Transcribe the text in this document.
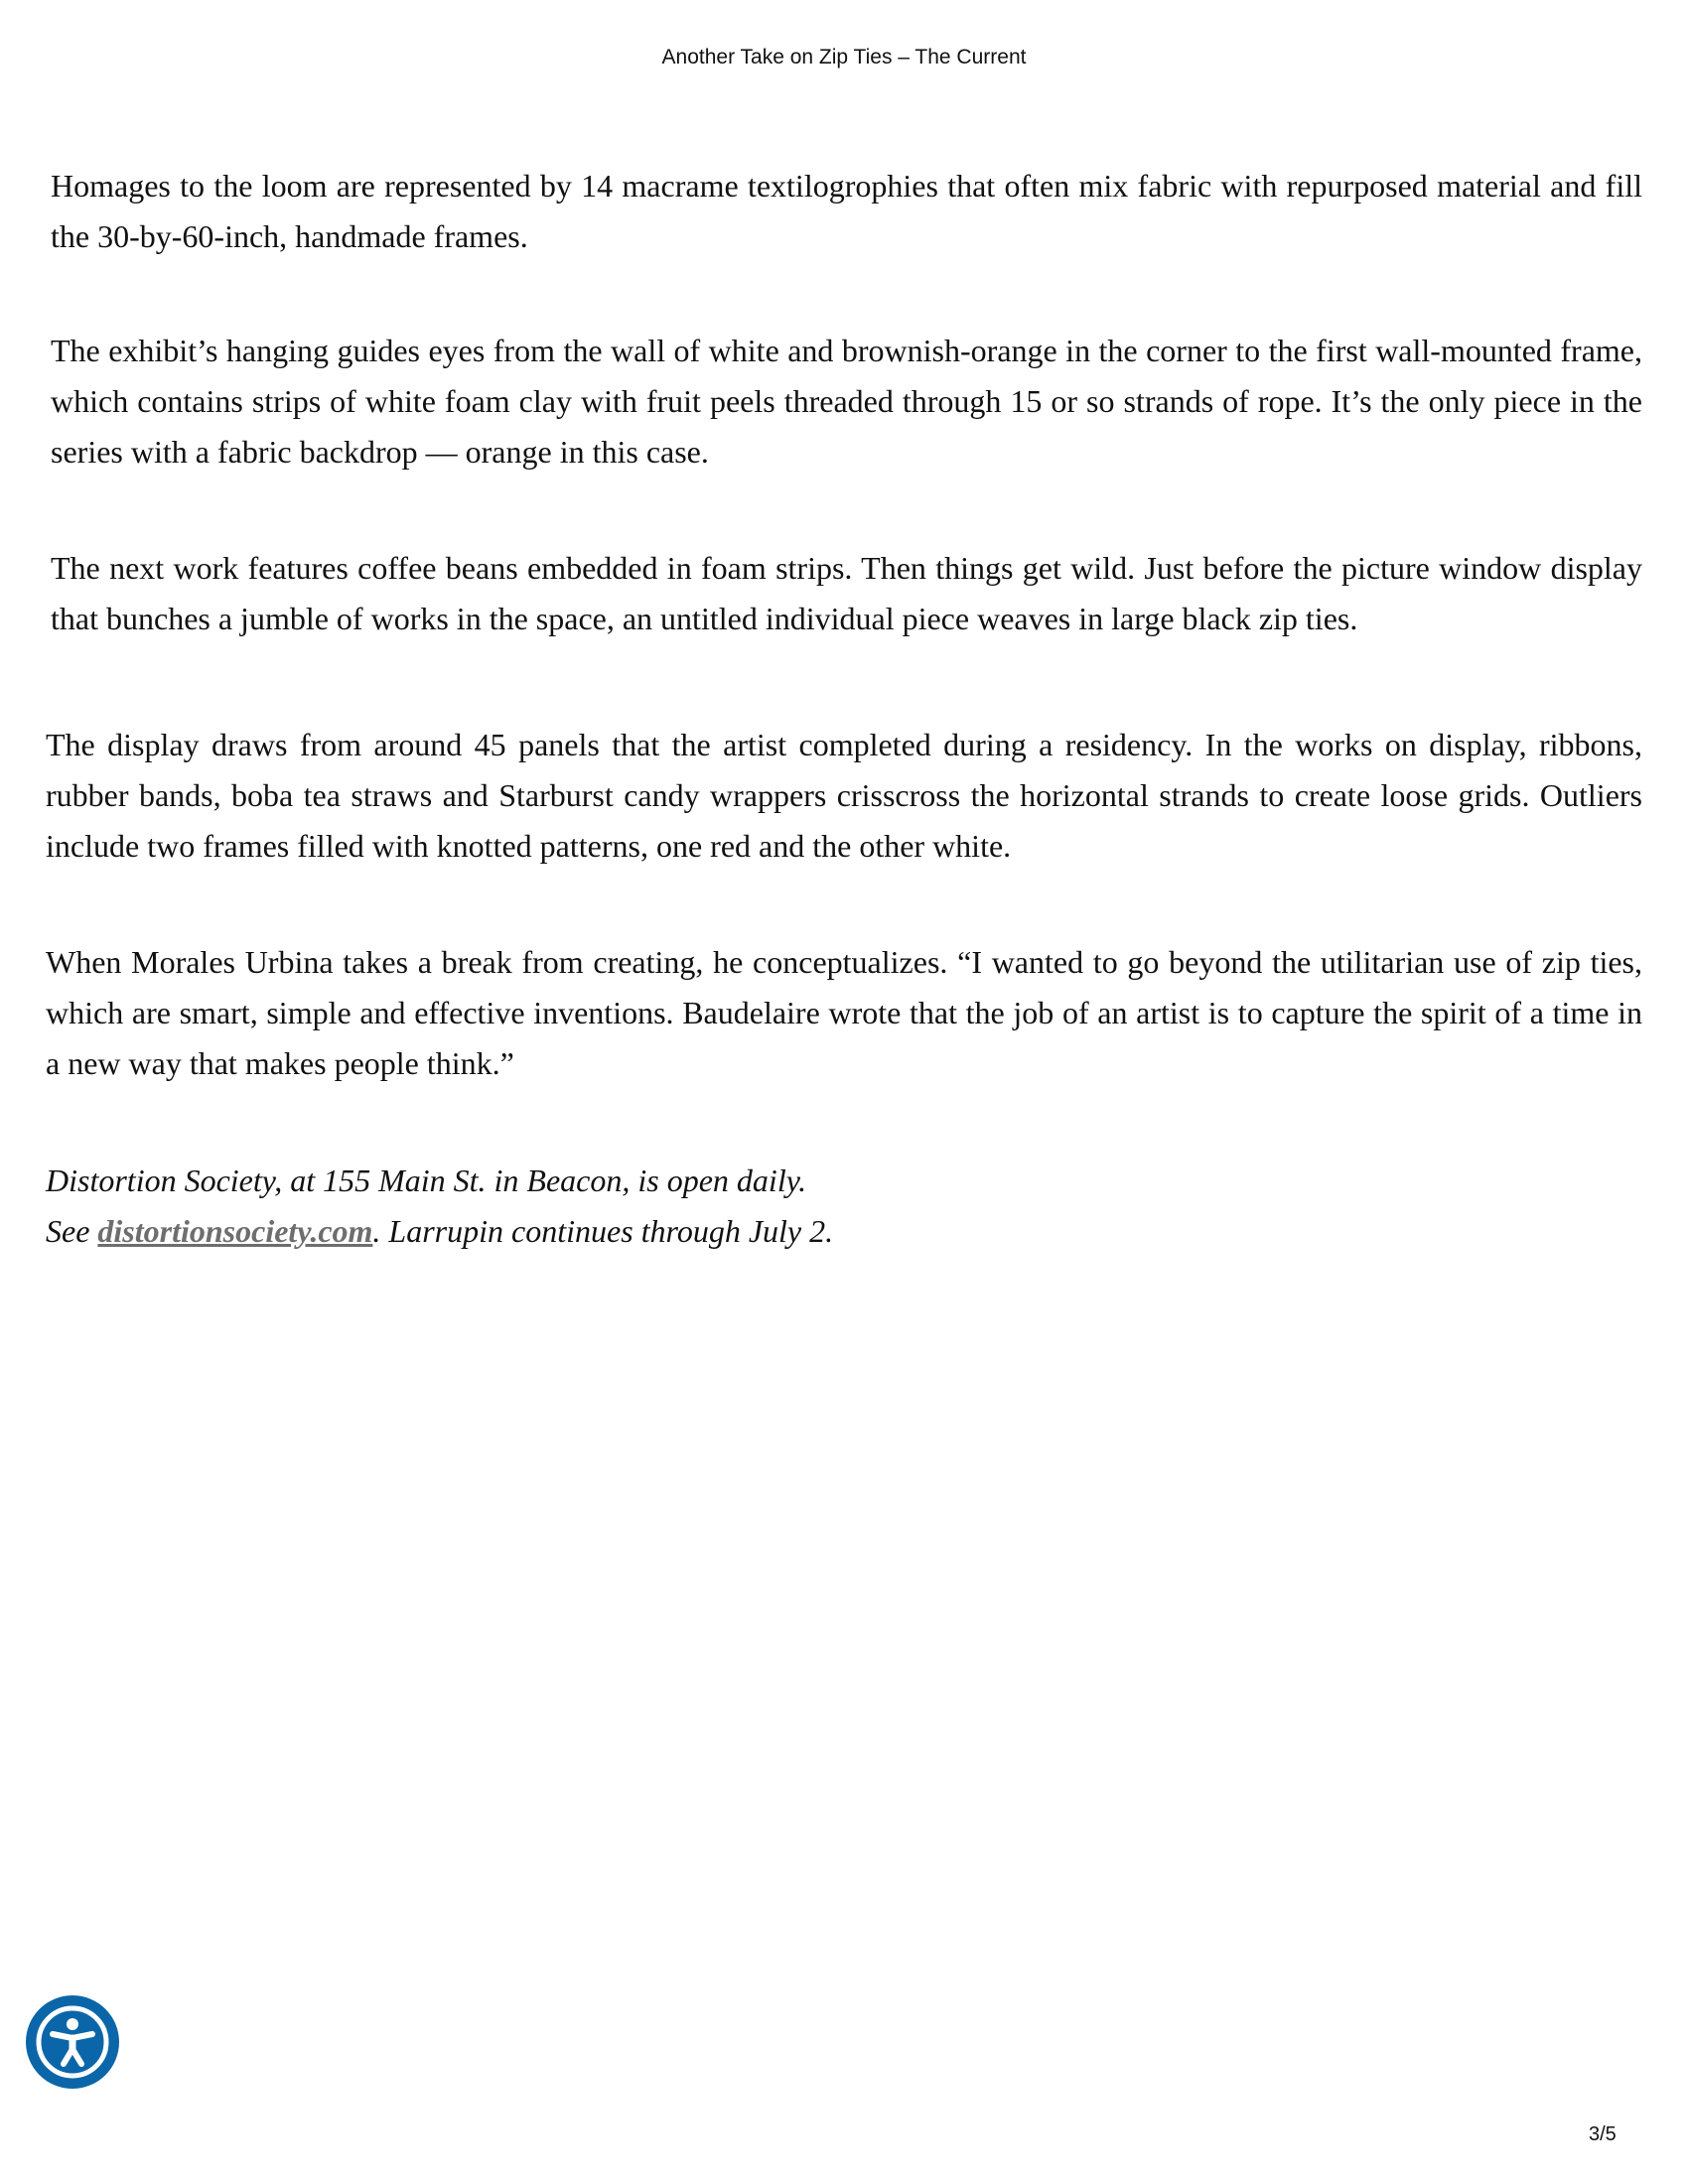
Another Take on Zip Ties – The Current

Homages to the loom are represented by 14 macrame textilogrophies that often mix fabric with repurposed material and fill the 30-by-60-inch, handmade frames.

The exhibit’s hanging guides eyes from the wall of white and brownish-orange in the corner to the first wall-mounted frame, which contains strips of white foam clay with fruit peels threaded through 15 or so strands of rope. It’s the only piece in the series with a fabric backdrop — orange in this case.

The next work features coffee beans embedded in foam strips. Then things get wild. Just before the picture window display that bunches a jumble of works in the space, an untitled individual piece weaves in large black zip ties.

The display draws from around 45 panels that the artist completed during a residency. In the works on display, ribbons, rubber bands, boba tea straws and Starburst candy wrappers crisscross the horizontal strands to create loose grids. Outliers include two frames filled with knotted patterns, one red and the other white.

When Morales Urbina takes a break from creating, he conceptualizes. “I wanted to go beyond the utilitarian use of zip ties, which are smart, simple and effective inventions. Baudelaire wrote that the job of an artist is to capture the spirit of a time in a new way that makes people think.”

Distortion Society, at 155 Main St. in Beacon, is open daily.
See distortionsociety.com. Larrupin continues through July 2.
3/5
